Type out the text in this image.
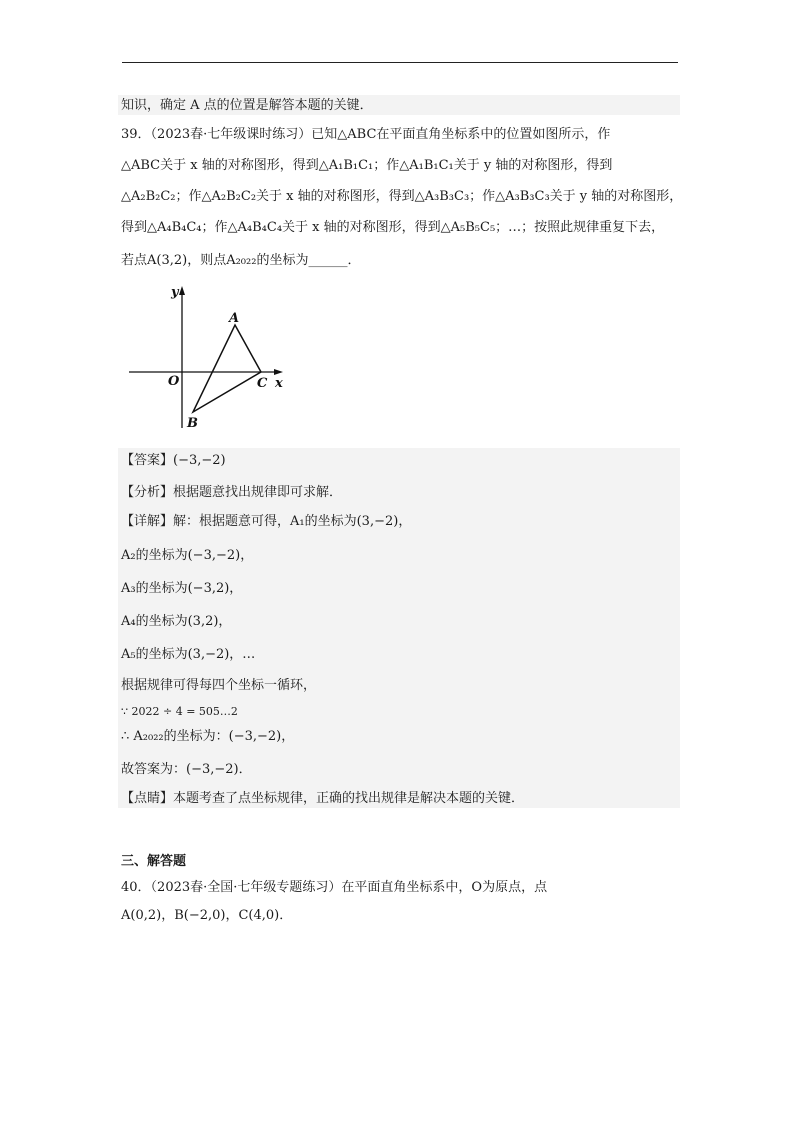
知识，确定 A 点的位置是解答本题的关键．
39．（2023春·七年级课时练习）已知△ABC在平面直角坐标系中的位置如图所示，作
△ABC关于 x 轴的对称图形，得到△A₁B₁C₁；作△A₁B₁C₁关于 y 轴的对称图形，得到
△A₂B₂C₂；作△A₂B₂C₂关于 x 轴的对称图形，得到△A₃B₃C₃；作△A₃B₃C₃关于 y 轴的对称图形，
得到△A₄B₄C₄；作△A₄B₄C₄关于 x 轴的对称图形，得到△A₅B₅C₅；…；按照此规律重复下去，
若点A(3,2)，则点A₂₀₂₂的坐标为______．
y
x
O
A
B
C
【答案】(−3,−2)
【分析】根据题意找出规律即可求解．
【详解】解：根据题意可得，A₁的坐标为(3,−2)，
A₂的坐标为(−3,−2)，
A₃的坐标为(−3,2)，
A₄的坐标为(3,2)，
A₅的坐标为(3,−2)，…
根据规律可得每四个坐标一循环，
∵ 2022 ÷ 4 = 505…2
∴ A₂₀₂₂的坐标为：(−3,−2)，
故答案为：(−3,−2)．
【点睛】本题考查了点坐标规律，正确的找出规律是解决本题的关键．
三、解答题
40．（2023春·全国·七年级专题练习）在平面直角坐标系中，O为原点，点
A(0,2)，B(−2,0)，C(4,0)．
